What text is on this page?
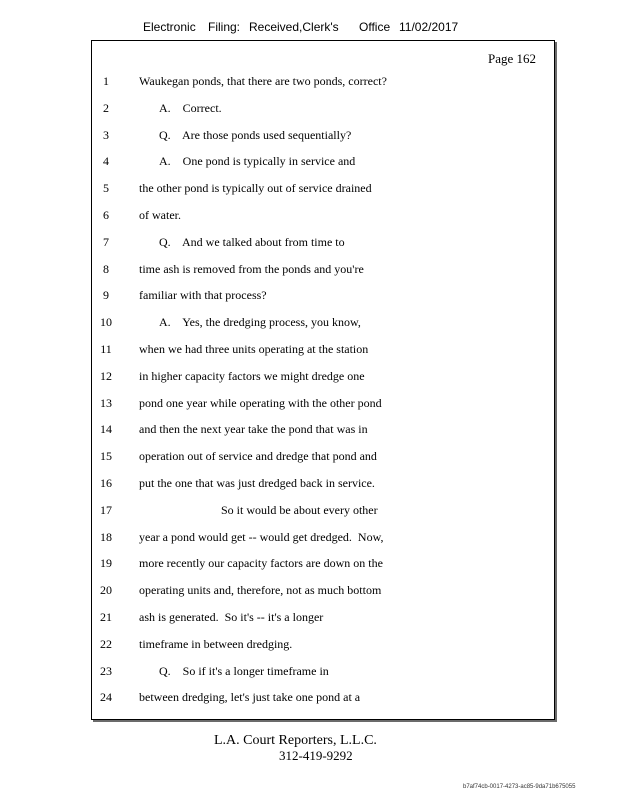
Electronic Filing: Received,Clerk's Office 11/02/2017
Page 162
1	Waukegan ponds, that there are two ponds, correct?
2	A.    Correct.
3	Q.    Are those ponds used sequentially?
4	A.    One pond is typically in service and
5	the other pond is typically out of service drained
6	of water.
7	Q.    And we talked about from time to
8	time ash is removed from the ponds and you're
9	familiar with that process?
10	A.    Yes, the dredging process, you know,
11	when we had three units operating at the station
12	in higher capacity factors we might dredge one
13	pond one year while operating with the other pond
14	and then the next year take the pond that was in
15	operation out of service and dredge that pond and
16	put the one that was just dredged back in service.
17	So it would be about every other
18	year a pond would get -- would get dredged.  Now,
19	more recently our capacity factors are down on the
20	operating units and, therefore, not as much bottom
21	ash is generated.  So it's -- it's a longer
22	timeframe in between dredging.
23	Q.    So if it's a longer timeframe in
24	between dredging, let's just take one pond at a
L.A. Court Reporters, L.L.C.
312-419-9292
b7af74cb-0017-4273-ac85-9da71b675055
